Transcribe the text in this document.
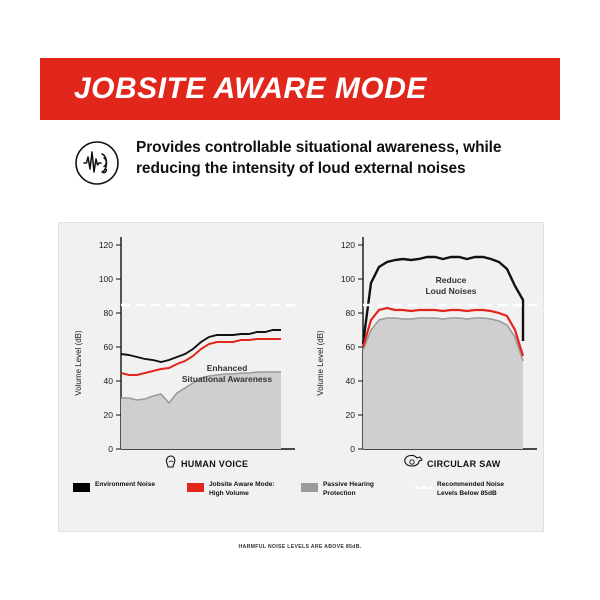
JOBSITE AWARE MODE
Provides controllable situational awareness, while
reducing the intensity of loud external noises
Volume Level (dB)
120
100
80
60
40
20
0
Enhanced
Situational Awareness
HUMAN VOICE
Volume Level (dB)
120
100
80
60
40
20
0
Reduce
Loud Noises
CIRCULAR SAW
Environment Noise	Jobsite Aware Mode:
High Volume
Passive Hearing
Protection
Recommended Noise
Levels Below 85dB
HARMFUL NOISE LEVELS ARE ABOVE 85dB.
